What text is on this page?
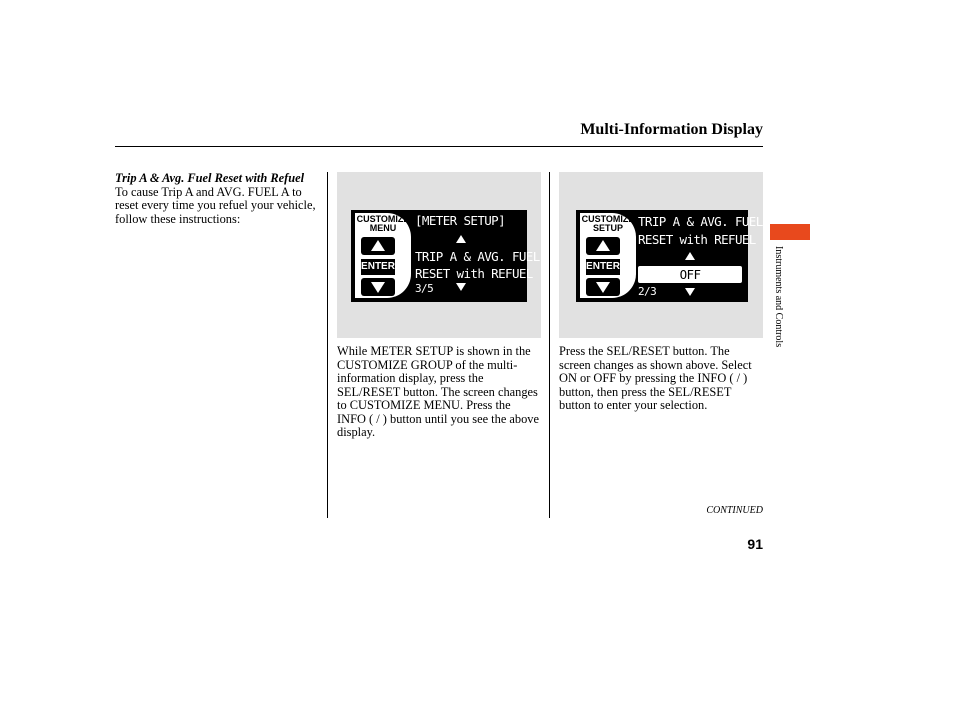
Multi-Information Display
Trip A & Avg. Fuel Reset with Refuel
To cause Trip A and AVG. FUEL A to reset every time you refuel your vehicle, follow these instructions:	CUSTOMIZE MENU
ENTER
[METER SETUP]
TRIP A & AVG. FUEL
RESET with REFUEL
3/5
While METER SETUP is shown in the CUSTOMIZE GROUP of the multi-information display, press the SEL/RESET button. The screen changes to CUSTOMIZE MENU. Press the INFO ( / ) button until you see the above display.
CUSTOMIZE SETUP
ENTER
TRIP A & AVG. FUEL
RESET with REFUEL
OFF
2/3
Press the SEL/RESET button. The screen changes as shown above. Select ON or OFF by pressing the INFO ( / ) button, then press the SEL/RESET button to enter your selection.
Instruments and Controls
CONTINUED
91
